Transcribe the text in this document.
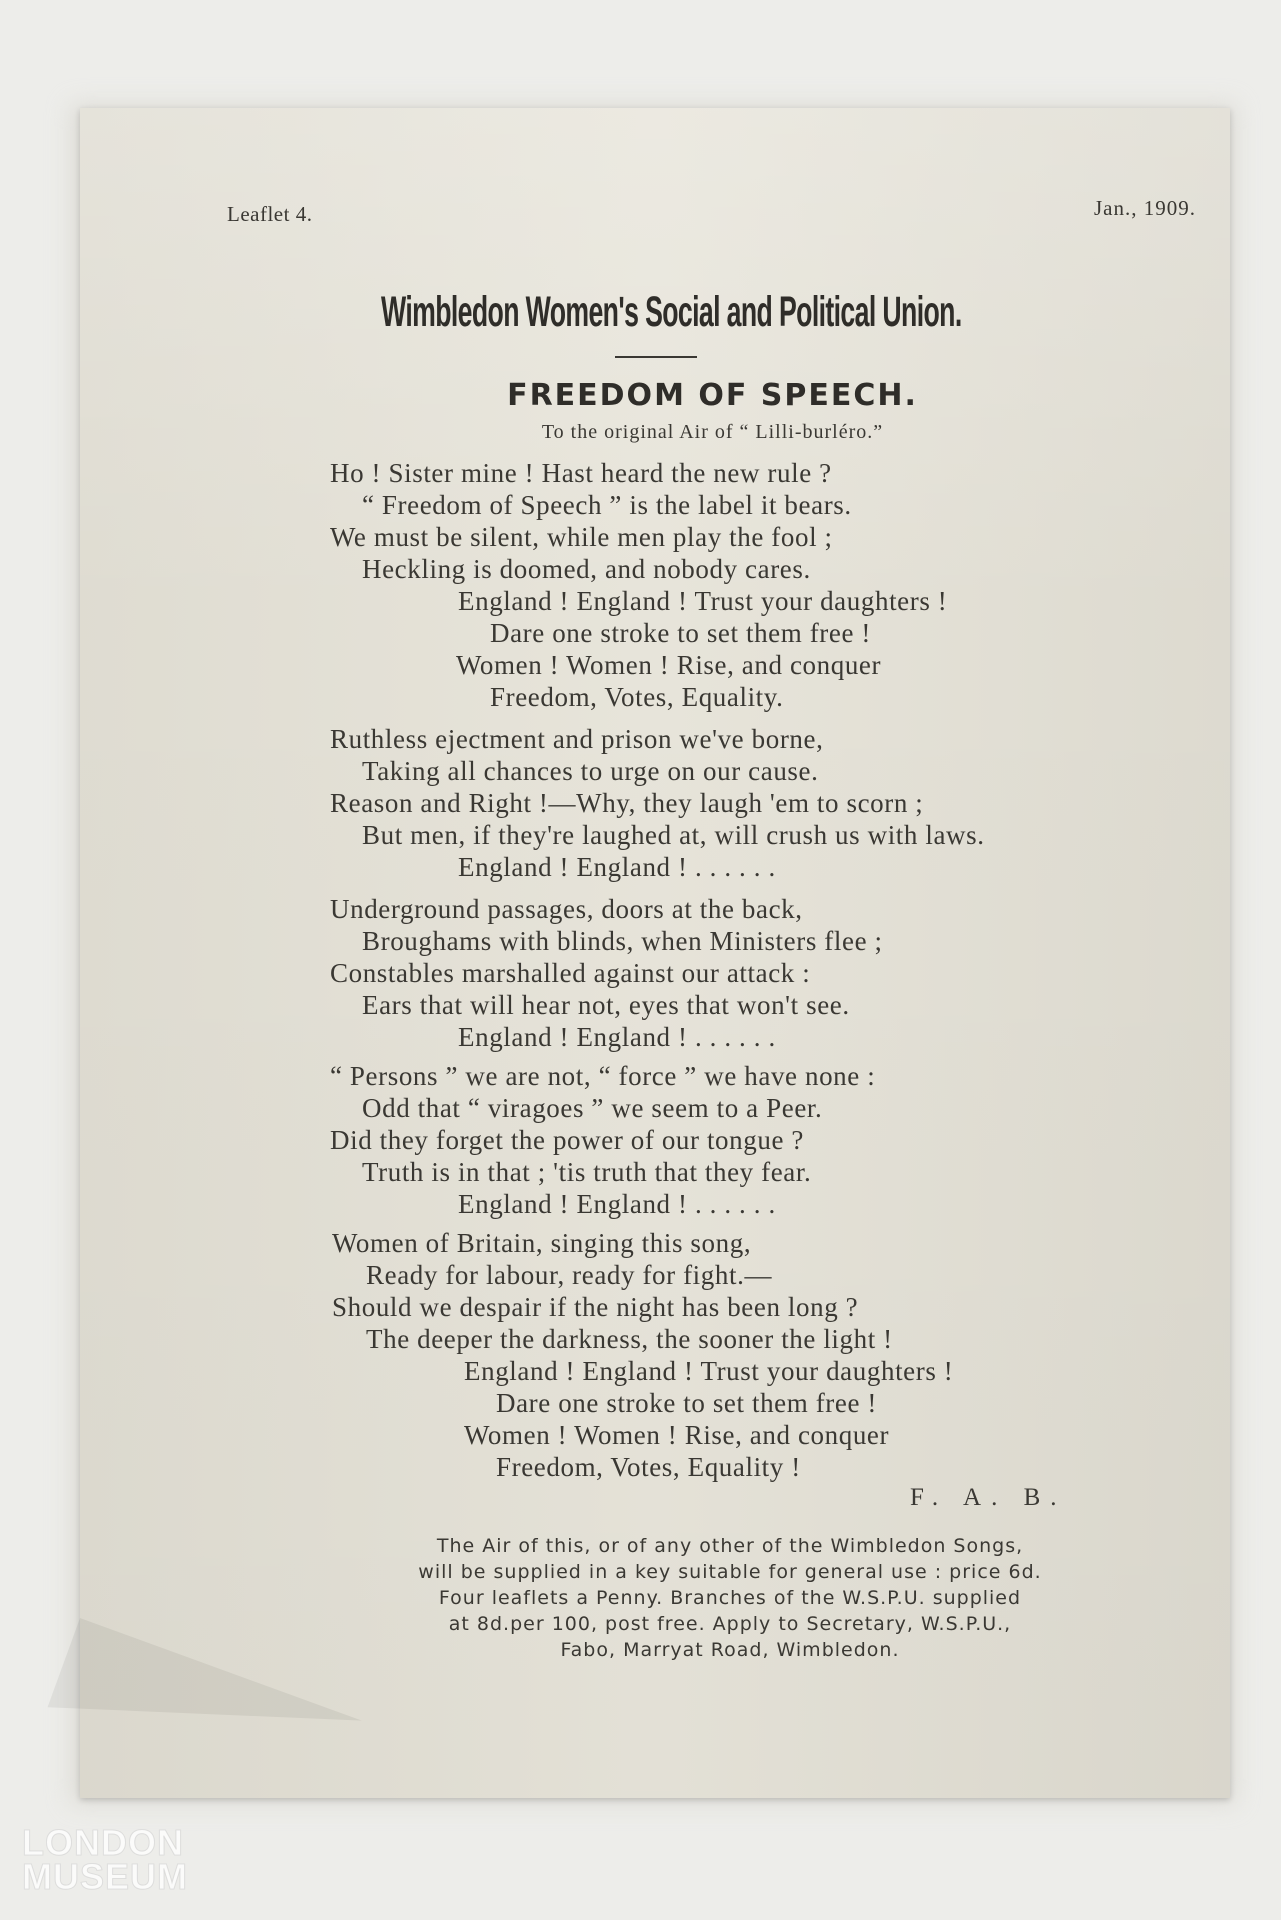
Leaflet 4.	Jan., 1909.
Wimbledon Women's Social and Political Union.
FREEDOM OF SPEECH.
To the original Air of “ Lilli-burléro.”
Ho ! Sister mine ! Hast heard the new rule ?
“ Freedom of Speech ” is the label it bears.
We must be silent, while men play the fool ;
Heckling is doomed, and nobody cares.
England ! England ! Trust your daughters !
Dare one stroke to set them free !
Women ! Women ! Rise, and conquer
Freedom, Votes, Equality.
Ruthless ejectment and prison we've borne,
Taking all chances to urge on our cause.
Reason and Right !—Why, they laugh 'em to scorn ;
But men, if they're laughed at, will crush us with laws.
England ! England ! . . . . . .
Underground passages, doors at the back,
Broughams with blinds, when Ministers flee ;
Constables marshalled against our attack :
Ears that will hear not, eyes that won't see.
England ! England ! . . . . . .
“ Persons ” we are not, “ force ” we have none :
Odd that “ viragoes ” we seem to a Peer.
Did they forget the power of our tongue ?
Truth is in that ; 'tis truth that they fear.
England ! England ! . . . . . .
Women of Britain, singing this song,
Ready for labour, ready for fight.—
Should we despair if the night has been long ?
The deeper the darkness, the sooner the light !
England ! England ! Trust your daughters !
Dare one stroke to set them free !
Women ! Women ! Rise, and conquer
Freedom, Votes, Equality !
F. A. B.
The Air of this, or of any other of the Wimbledon Songs,
will be supplied in a key suitable for general use : price 6d.
Four leaflets a Penny. Branches of the W.S.P.U. supplied
at 8d.per 100, post free. Apply to Secretary, W.S.P.U.,
Fabo, Marryat Road, Wimbledon.
LONDON
MUSEUM
